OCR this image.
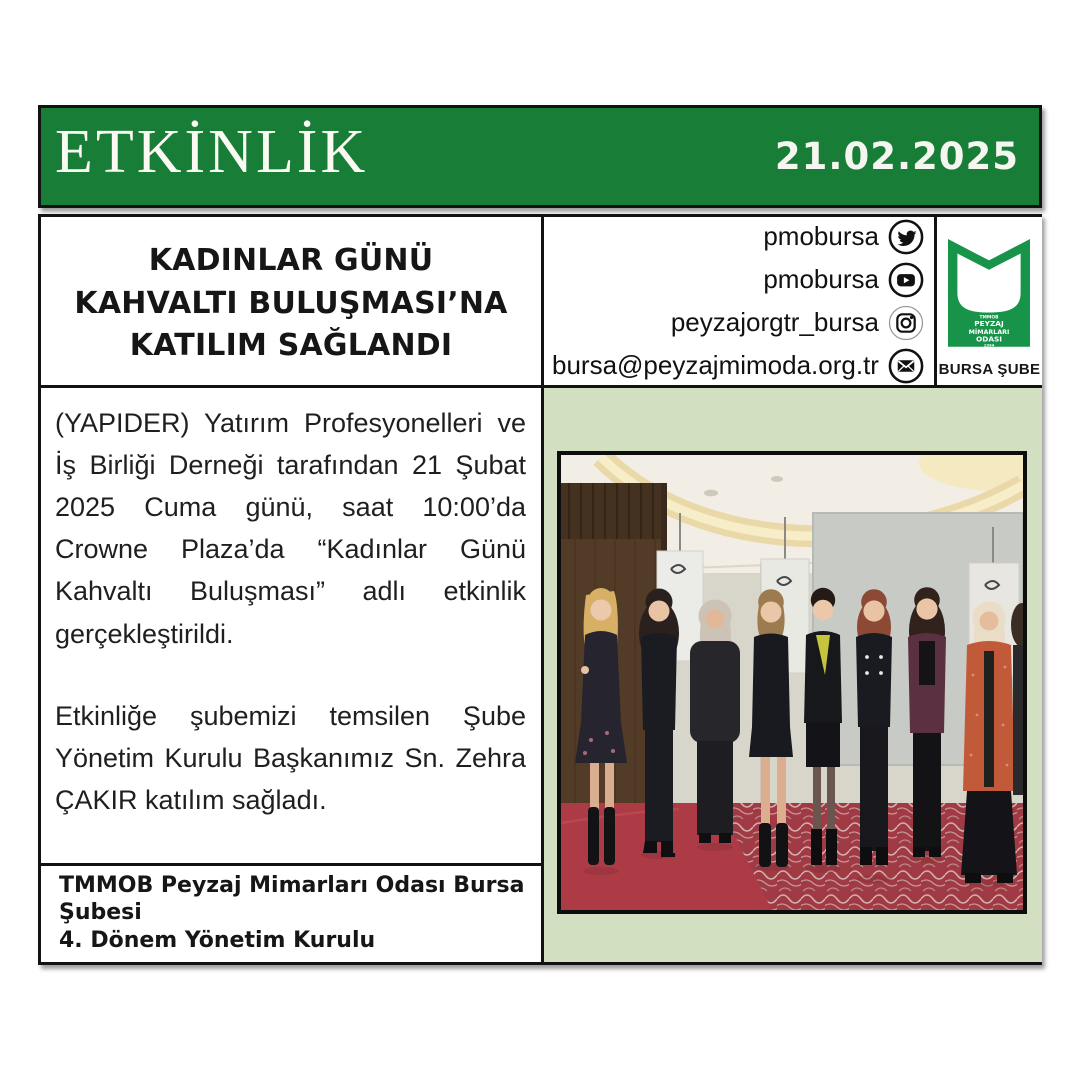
ETKİNLİK	21.02.2025
KADINLAR GÜNÜ KAHVALTI BULUŞMASI’NA KATILIM SAĞLANDI
pmobursa
pmobursa
peyzajorgtr_bursa
bursa@peyzajmimoda.org.tr
TMMOB
PEYZAJ
MİMARLARI
ODASI
1994
BURSA ŞUBE

(YAPIDER) Yatırım Profesyonelleri ve İş Birliği Derneği tarafından 21 Şubat 2025 Cuma günü, saat 10:00’da Crowne Plaza’da “Kadınlar Günü Kahvaltı Buluşması” adlı etkinlik gerçekleştirildi.

Etkinliğe şubemizi temsilen Şube Yönetim Kurulu Başkanımız Sn. Zehra ÇAKIR katılım sağladı.

TMMOB Peyzaj Mimarları Odası Bursa Şubesi
4. Dönem Yönetim Kurulu
